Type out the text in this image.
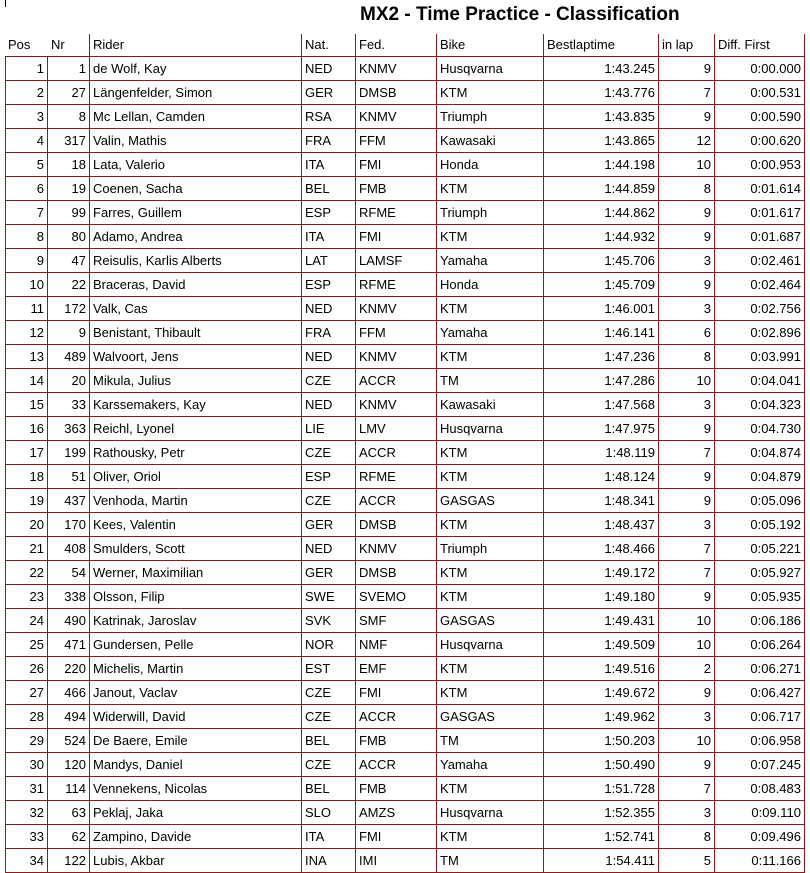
MX2 - Time Practice - Classification
Pos	Nr	Rider	Nat.	Fed.	Bike	Bestlaptime	in lap	Diff. First
1	1	de Wolf, Kay	NED	KNMV	Husqvarna	1:43.245	9	0:00.000
2	27	Längenfelder, Simon	GER	DMSB	KTM	1:43.776	7	0:00.531
3	8	Mc Lellan, Camden	RSA	KNMV	Triumph	1:43.835	9	0:00.590
4	317	Valin, Mathis	FRA	FFM	Kawasaki	1:43.865	12	0:00.620
5	18	Lata, Valerio	ITA	FMI	Honda	1:44.198	10	0:00.953
6	19	Coenen, Sacha	BEL	FMB	KTM	1:44.859	8	0:01.614
7	99	Farres, Guillem	ESP	RFME	Triumph	1:44.862	9	0:01.617
8	80	Adamo, Andrea	ITA	FMI	KTM	1:44.932	9	0:01.687
9	47	Reisulis, Karlis Alberts	LAT	LAMSF	Yamaha	1:45.706	3	0:02.461
10	22	Braceras, David	ESP	RFME	Honda	1:45.709	9	0:02.464
11	172	Valk, Cas	NED	KNMV	KTM	1:46.001	3	0:02.756
12	9	Benistant, Thibault	FRA	FFM	Yamaha	1:46.141	6	0:02.896
13	489	Walvoort, Jens	NED	KNMV	KTM	1:47.236	8	0:03.991
14	20	Mikula, Julius	CZE	ACCR	TM	1:47.286	10	0:04.041
15	33	Karssemakers, Kay	NED	KNMV	Kawasaki	1:47.568	3	0:04.323
16	363	Reichl, Lyonel	LIE	LMV	Husqvarna	1:47.975	9	0:04.730
17	199	Rathousky, Petr	CZE	ACCR	KTM	1:48.119	7	0:04.874
18	51	Oliver, Oriol	ESP	RFME	KTM	1:48.124	9	0:04.879
19	437	Venhoda, Martin	CZE	ACCR	GASGAS	1:48.341	9	0:05.096
20	170	Kees, Valentin	GER	DMSB	KTM	1:48.437	3	0:05.192
21	408	Smulders, Scott	NED	KNMV	Triumph	1:48.466	7	0:05.221
22	54	Werner, Maximilian	GER	DMSB	KTM	1:49.172	7	0:05.927
23	338	Olsson, Filip	SWE	SVEMO	KTM	1:49.180	9	0:05.935
24	490	Katrinak, Jaroslav	SVK	SMF	GASGAS	1:49.431	10	0:06.186
25	471	Gundersen, Pelle	NOR	NMF	Husqvarna	1:49.509	10	0:06.264
26	220	Michelis, Martin	EST	EMF	KTM	1:49.516	2	0:06.271
27	466	Janout, Vaclav	CZE	FMI	KTM	1:49.672	9	0:06.427
28	494	Widerwill, David	CZE	ACCR	GASGAS	1:49.962	3	0:06.717
29	524	De Baere, Emile	BEL	FMB	TM	1:50.203	10	0:06.958
30	120	Mandys, Daniel	CZE	ACCR	Yamaha	1:50.490	9	0:07.245
31	114	Vennekens, Nicolas	BEL	FMB	KTM	1:51.728	7	0:08.483
32	63	Peklaj, Jaka	SLO	AMZS	Husqvarna	1:52.355	3	0:09.110
33	62	Zampino, Davide	ITA	FMI	KTM	1:52.741	8	0:09.496
34	122	Lubis, Akbar	INA	IMI	TM	1:54.411	5	0:11.166
